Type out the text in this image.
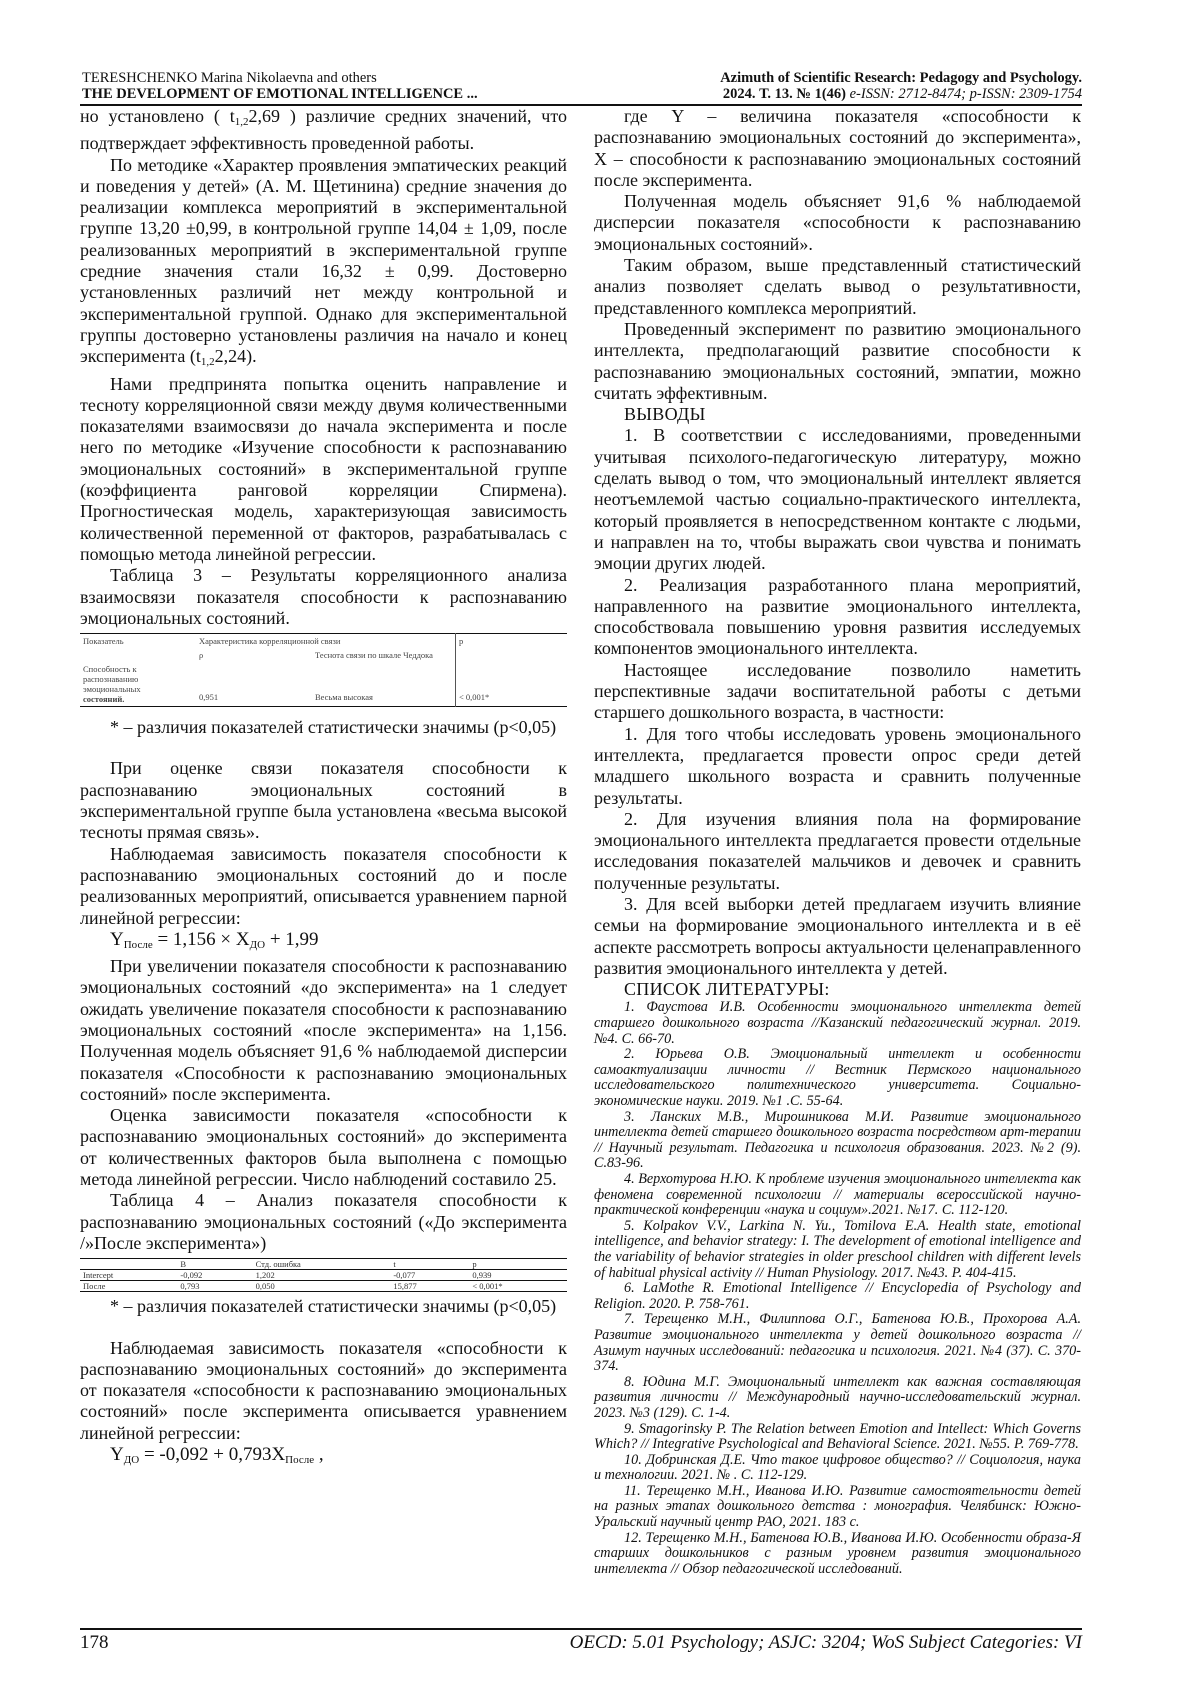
TERESHCHENKO Marina Nikolaevna and others
THE DEVELOPMENT OF EMOTIONAL INTELLIGENCE ...
Azimuth of Scientific Research: Pedagogy and Psychology.
2024. Т. 13. № 1(46) e-ISSN: 2712-8474; p-ISSN: 2309-1754

но установлено ( $t_{1,2}2,69$ ) различие средних значений, что подтверждает эффективность проведенной работы.

По методике «Характер проявления эмпатических реакций и поведения у детей» (А. М. Щетинина) средние значения до реализации комплекса мероприятий в экспериментальной группе 13,20 ±0,99, в контрольной группе 14,04 ± 1,09, после реализованных мероприятий в экспериментальной группе средние значения стали 16,32 ± 0,99. Достоверно установленных различий нет между контрольной и экспериментальной группой. Однако для экспериментальной группы достоверно установлены различия на начало и конец эксперимента $(t_{1,2}2,24)$.

Нами предпринята попытка оценить направление и тесноту корреляционной связи между двумя количественными показателями взаимосвязи до начала эксперимента и после него по методике «Изучение способности к распознаванию эмоциональных состояний» в экспериментальной группе (коэффициента ранговой корреляции Спирмена). Прогностическая модель, характеризующая зависимость количественной переменной от факторов, разрабатывалась с помощью метода линейной регрессии.

Таблица 3 – Результаты корреляционного анализа взаимосвязи показателя способности к распознаванию эмоциональных состояний.

Показатель	Характеристика корреляционной связи		p
	ρ	Теснота связи по шкале Чеддока	

Способность к
распознаванию
эмоциональных
состояний.	0,951	Весьма высокая	< 0,001*

* – различия показателей статистически значимы (p<0,05)

При оценке связи показателя способности к распознаванию эмоциональных состояний в экспериментальной группе была установлена «весьма высокой тесноты прямая связь».

Наблюдаемая зависимость показателя способности к распознаванию эмоциональных состояний до и после реализованных мероприятий, описывается уравнением парной линейной регрессии:

$Y_{После} = 1,156 \times X_{ДО} + 1,99$

При увеличении показателя способности к распознаванию эмоциональных состояний «до эксперимента» на 1 следует ожидать увеличение показателя способности к распознаванию эмоциональных состояний «после эксперимента» на 1,156. Полученная модель объясняет 91,6 % наблюдаемой дисперсии показателя «Способности к распознаванию эмоциональных состояний» после эксперимента.

Оценка зависимости показателя «способности к распознаванию эмоциональных состояний» до эксперимента от количественных факторов была выполнена с помощью метода линейной регрессии. Число наблюдений составило 25.

Таблица 4 – Анализ показателя способности к распознаванию эмоциональных состояний («До эксперимента /»После эксперимента»)

	B	Стд. ошибка	t	p
Intercept	-0,092	1,202	-0,077	0,939
После	0,793	0,050	15,877	< 0,001*

* – различия показателей статистически значимы (p<0,05)

Наблюдаемая зависимость показателя «способности к распознаванию эмоциональных состояний» до эксперимента от показателя «способности к распознаванию эмоциональных состояний» после эксперимента описывается уравнением линейной регрессии:

$Y_{ДО} = -0,092 + 0,793X_{После}$ ,

где Y – величина показателя «способности к распознаванию эмоциональных состояний до эксперимента», X – способности к распознаванию эмоциональных состояний после эксперимента.

Полученная модель объясняет 91,6 % наблюдаемой дисперсии показателя «способности к распознаванию эмоциональных состояний».

Таким образом, выше представленный статистический анализ позволяет сделать вывод о результативности, представленного комплекса мероприятий.

Проведенный эксперимент по развитию эмоционального интеллекта, предполагающий развитие способности к распознаванию эмоциональных состояний, эмпатии, можно считать эффективным.

ВЫВОДЫ

1. В соответствии с исследованиями, проведенными учитывая психолого-педагогическую литературу, можно сделать вывод о том, что эмоциональный интеллект является неотъемлемой частью социально-практического интеллекта, который проявляется в непосредственном контакте с людьми, и направлен на то, чтобы выражать свои чувства и понимать эмоции других людей.

2. Реализация разработанного плана мероприятий, направленного на развитие эмоционального интеллекта, способствовала повышению уровня развития исследуемых компонентов эмоционального интеллекта.

Настоящее исследование позволило наметить перспективные задачи воспитательной работы с детьми старшего дошкольного возраста, в частности:

1. Для того чтобы исследовать уровень эмоционального интеллекта, предлагается провести опрос среди детей младшего школьного возраста и сравнить полученные результаты.

2. Для изучения влияния пола на формирование эмоционального интеллекта предлагается провести отдельные исследования показателей мальчиков и девочек и сравнить полученные результаты.

3. Для всей выборки детей предлагаем изучить влияние семьи на формирование эмоционального интеллекта и в её аспекте рассмотреть вопросы актуальности целенаправленного развития эмоционального интеллекта у детей.

СПИСОК ЛИТЕРАТУРЫ:

1. Фаустова И.В. Особенности эмоционального интеллекта детей старшего дошкольного возраста //Казанский педагогический журнал. 2019. №4. С. 66-70.

2. Юрьева О.В. Эмоциональный интеллект и особенности самоактуализации личности // Вестник Пермского национального исследовательского политехнического университета. Социально-экономические науки. 2019. №1 .С. 55-64.

3. Ланских М.В., Мирошникова М.И. Развитие эмоционального интеллекта детей старшего дошкольного возраста посредством арт-терапии // Научный результат. Педагогика и психология образования. 2023. №2 (9). С.83-96.

4. Верхотурова Н.Ю. К проблеме изучения эмоционального интеллекта как феномена современной психологии // материалы всероссийской научно-практической конференции «наука и социум».2021. №17. С. 112-120.

5. Kolpakov V.V., Larkina N. Yu., Tomilova E.A. Health state, emotional intelligence, and behavior strategy: I. The development of emotional intelligence and the variability of behavior strategies in older preschool children with different levels of habitual physical activity // Human Physiology. 2017. №43. P. 404-415.

6. LaMothe R. Emotional Intelligence // Encyclopedia of Psychology and Religion. 2020. P. 758-761.

7. Терещенко М.Н., Филиппова О.Г., Батенова Ю.В., Прохорова А.А. Развитие эмоционального интеллекта у детей дошкольного возраста // Азимут научных исследований: педагогика и психология. 2021. №4 (37). С. 370-374.

8. Юдина М.Г. Эмоциональный интеллект как важная составляющая развития личности // Международный научно-исследовательский журнал. 2023. №3 (129). С. 1-4.

9. Smagorinsky P. The Relation between Emotion and Intellect: Which Governs Which? // Integrative Psychological and Behavioral Science. 2021. №55. P. 769-778.

10. Добринская Д.Е. Что такое цифровое общество? // Социология, наука и технологии. 2021. № . С. 112-129.

11. Терещенко М.Н., Иванова И.Ю. Развитие самостоятельности детей на разных этапах дошкольного детства : монография. Челябинск: Южно-Уральский научный центр РАО, 2021. 183 с.

12. Терещенко М.Н., Батенова Ю.В., Иванова И.Ю. Особенности образа-Я старших дошкольников с разным уровнем развития эмоционального интеллекта // Обзор педагогической исследований.

178	OECD: 5.01 Psychology; ASJC: 3204; WoS Subject Categories: VI
